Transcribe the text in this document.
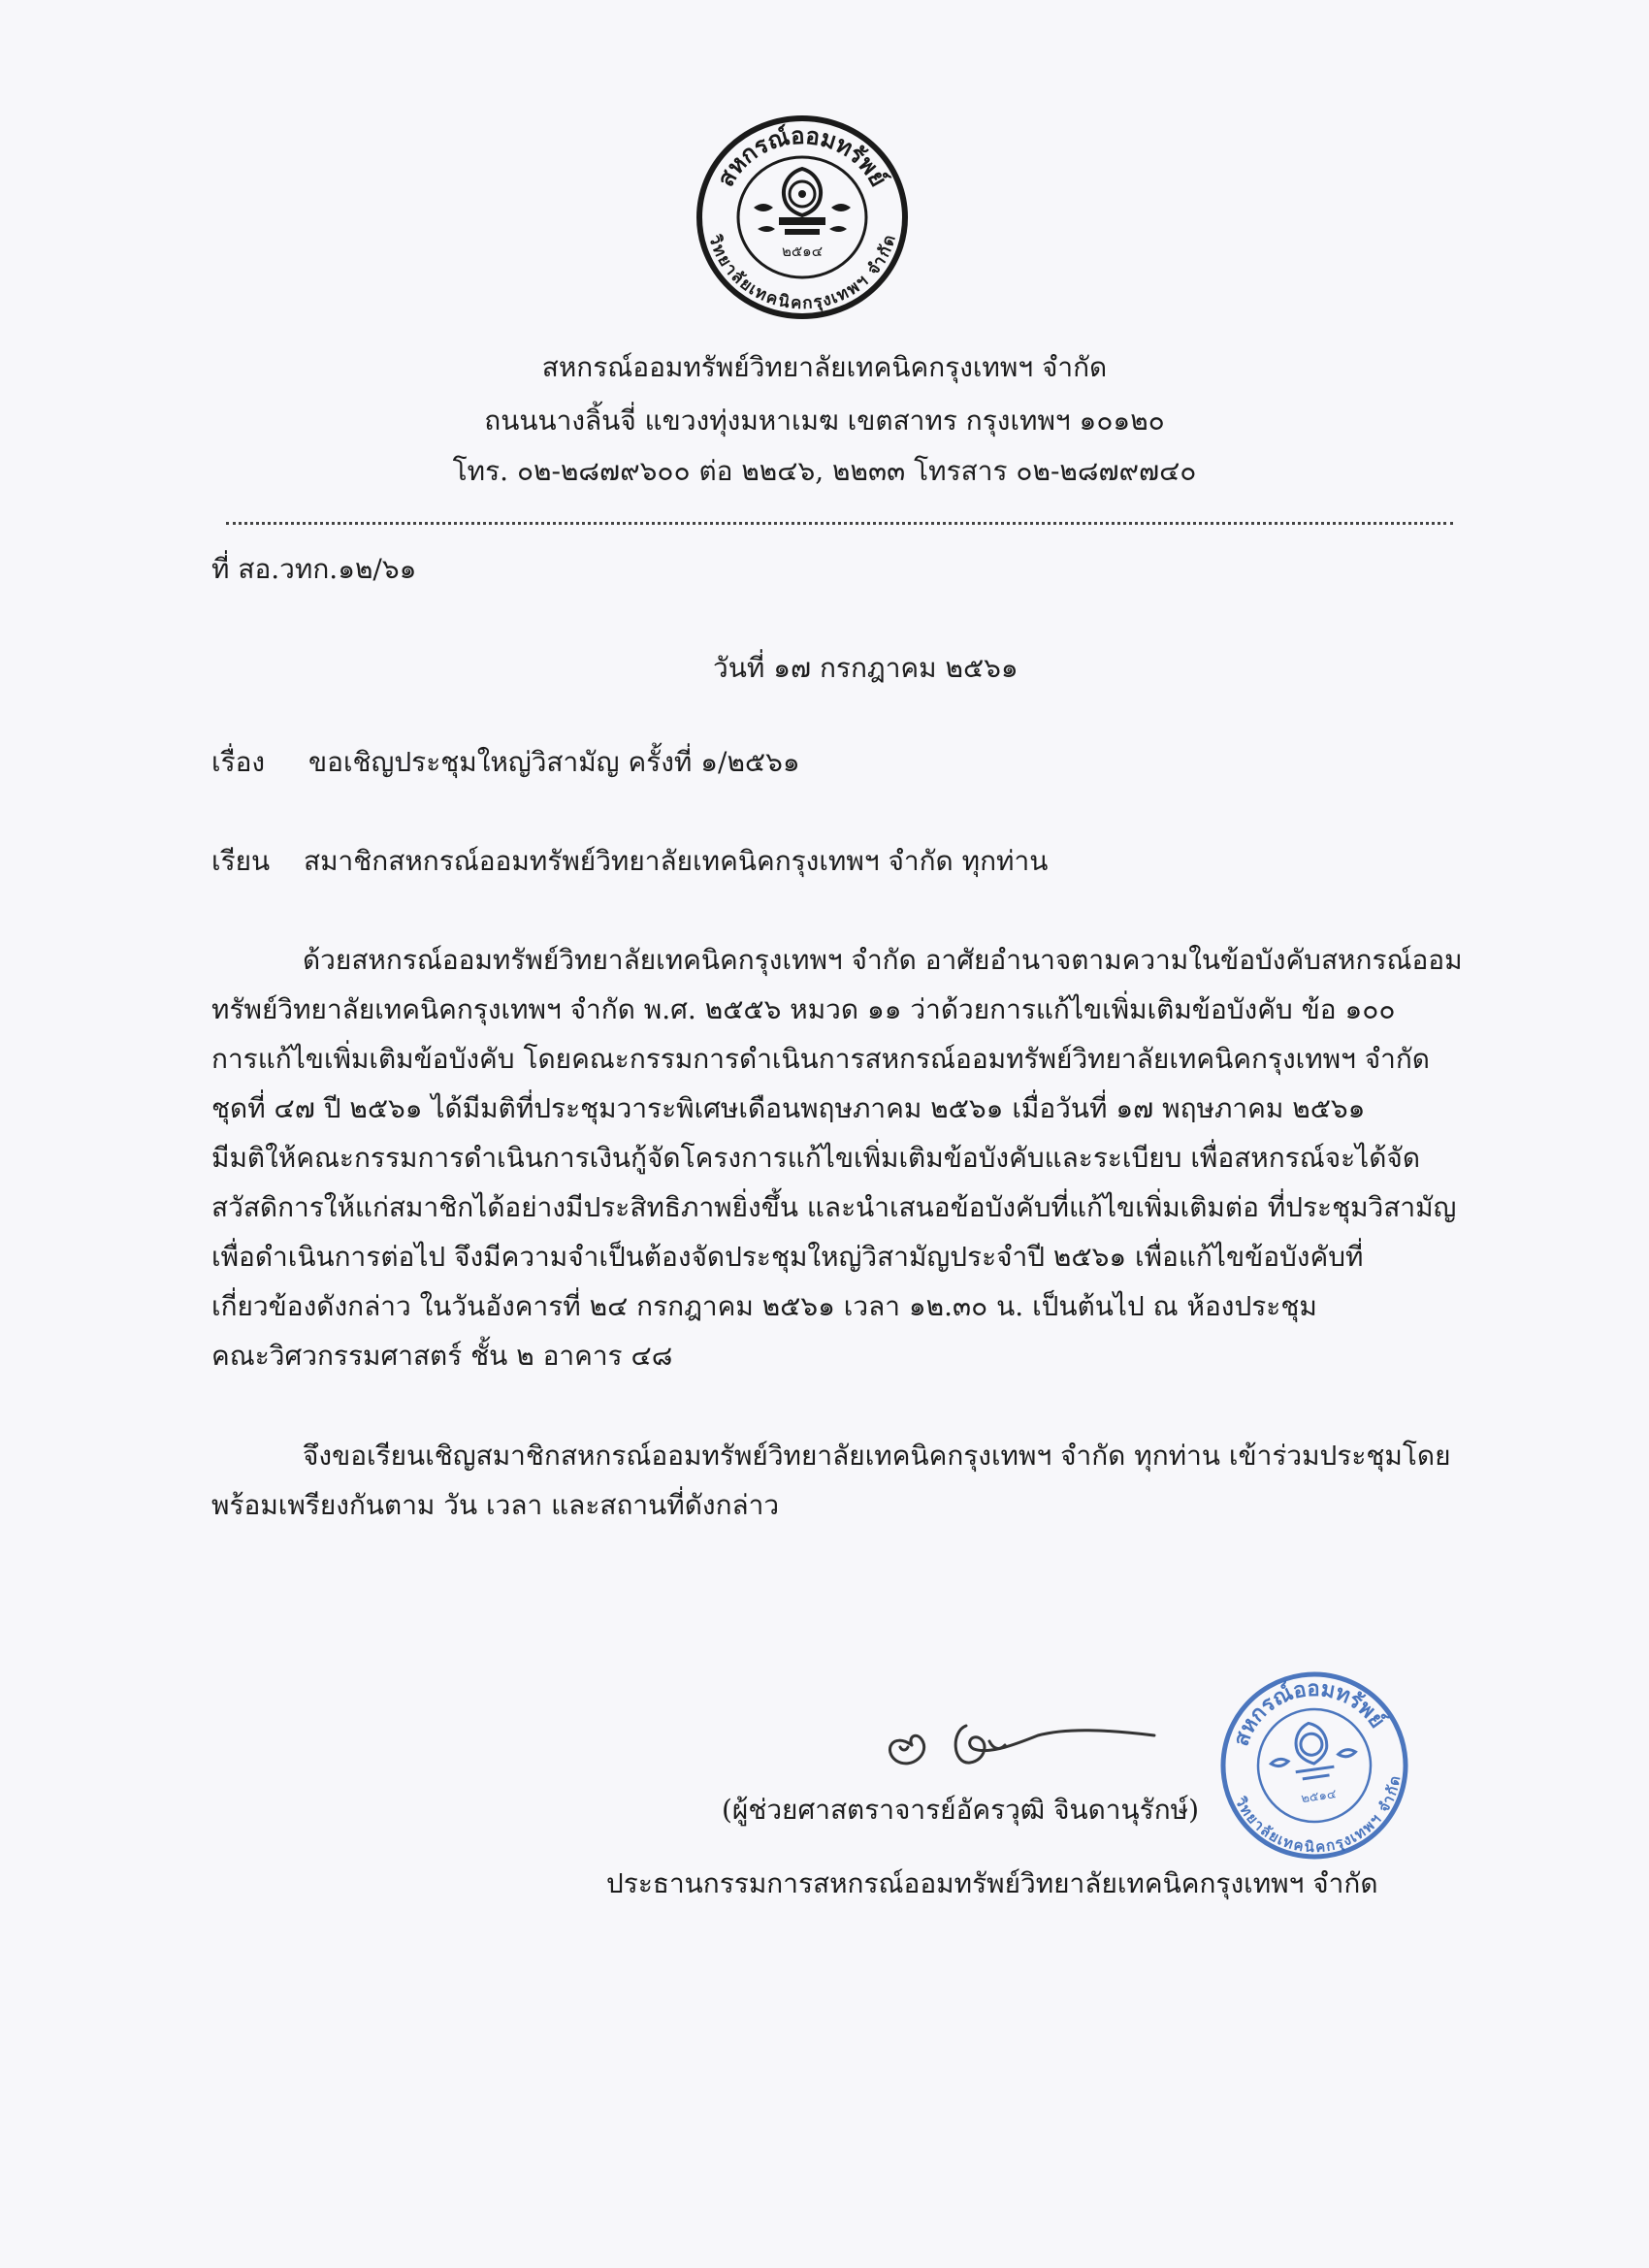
สหกรณ์ออมทรัพย์
วิทยาลัยเทคนิคกรุงเทพฯ จำกัด
๒๕๑๔
สหกรณ์ออมทรัพย์วิทยาลัยเทคนิคกรุงเทพฯ จำกัด
ถนนนางลิ้นจี่ แขวงทุ่งมหาเมฆ เขตสาทร กรุงเทพฯ ๑๐๑๒๐
โทร. ๐๒-๒๘๗๙๖๐๐ ต่อ ๒๒๔๖, ๒๒๓๓ โทรสาร ๐๒-๒๘๗๙๗๔๐
ที่ สอ.วทก.๑๒/๖๑
วันที่ ๑๗ กรกฎาคม ๒๕๖๑
เรื่อง ขอเชิญประชุมใหญ่วิสามัญ ครั้งที่ ๑/๒๕๖๑
เรียน สมาชิกสหกรณ์ออมทรัพย์วิทยาลัยเทคนิคกรุงเทพฯ จำกัด ทุกท่าน
ด้วยสหกรณ์ออมทรัพย์วิทยาลัยเทคนิคกรุงเทพฯ จำกัด อาศัยอำนาจตามความในข้อบังคับสหกรณ์ออม
ทรัพย์วิทยาลัยเทคนิคกรุงเทพฯ จำกัด พ.ศ. ๒๕๕๖ หมวด ๑๑ ว่าด้วยการแก้ไขเพิ่มเติมข้อบังคับ ข้อ ๑๐๐
การแก้ไขเพิ่มเติมข้อบังคับ โดยคณะกรรมการดำเนินการสหกรณ์ออมทรัพย์วิทยาลัยเทคนิคกรุงเทพฯ จำกัด
ชุดที่ ๔๗ ปี ๒๕๖๑ ได้มีมติที่ประชุมวาระพิเศษเดือนพฤษภาคม ๒๕๖๑ เมื่อวันที่ ๑๗ พฤษภาคม ๒๕๖๑
มีมติให้คณะกรรมการดำเนินการเงินกู้จัดโครงการแก้ไขเพิ่มเติมข้อบังคับและระเบียบ เพื่อสหกรณ์จะได้จัด
สวัสดิการให้แก่สมาชิกได้อย่างมีประสิทธิภาพยิ่งขึ้น และนำเสนอข้อบังคับที่แก้ไขเพิ่มเติมต่อ ที่ประชุมวิสามัญ
เพื่อดำเนินการต่อไป จึงมีความจำเป็นต้องจัดประชุมใหญ่วิสามัญประจำปี ๒๕๖๑ เพื่อแก้ไขข้อบังคับที่
เกี่ยวข้องดังกล่าว ในวันอังคารที่ ๒๔ กรกฎาคม ๒๕๖๑ เวลา ๑๒.๓๐ น. เป็นต้นไป ณ ห้องประชุม
คณะวิศวกรรมศาสตร์ ชั้น ๒ อาคาร ๔๘
จึงขอเรียนเชิญสมาชิกสหกรณ์ออมทรัพย์วิทยาลัยเทคนิคกรุงเทพฯ จำกัด ทุกท่าน เข้าร่วมประชุมโดย
พร้อมเพรียงกันตาม วัน เวลา และสถานที่ดังกล่าว
สหกรณ์ออมทรัพย์
วิทยาลัยเทคนิคกรุงเทพฯ จำกัด
๒๕๑๔
(ผู้ช่วยศาสตราจารย์อัครวุฒิ จินดานุรักษ์)
ประธานกรรมการสหกรณ์ออมทรัพย์วิทยาลัยเทคนิคกรุงเทพฯ จำกัด
